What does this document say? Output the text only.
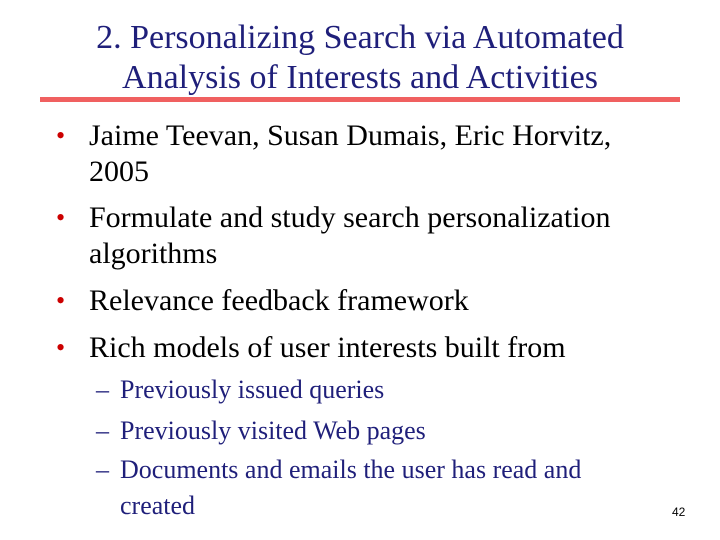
2. Personalizing Search via Automated Analysis of Interests and Activities
• Jaime Teevan, Susan Dumais, Eric Horvitz, 2005
• Formulate and study search personalization algorithms
• Relevance feedback framework
• Rich models of user interests built from
– Previously issued queries
– Previously visited Web pages
– Documents and emails the user has read and created	42
